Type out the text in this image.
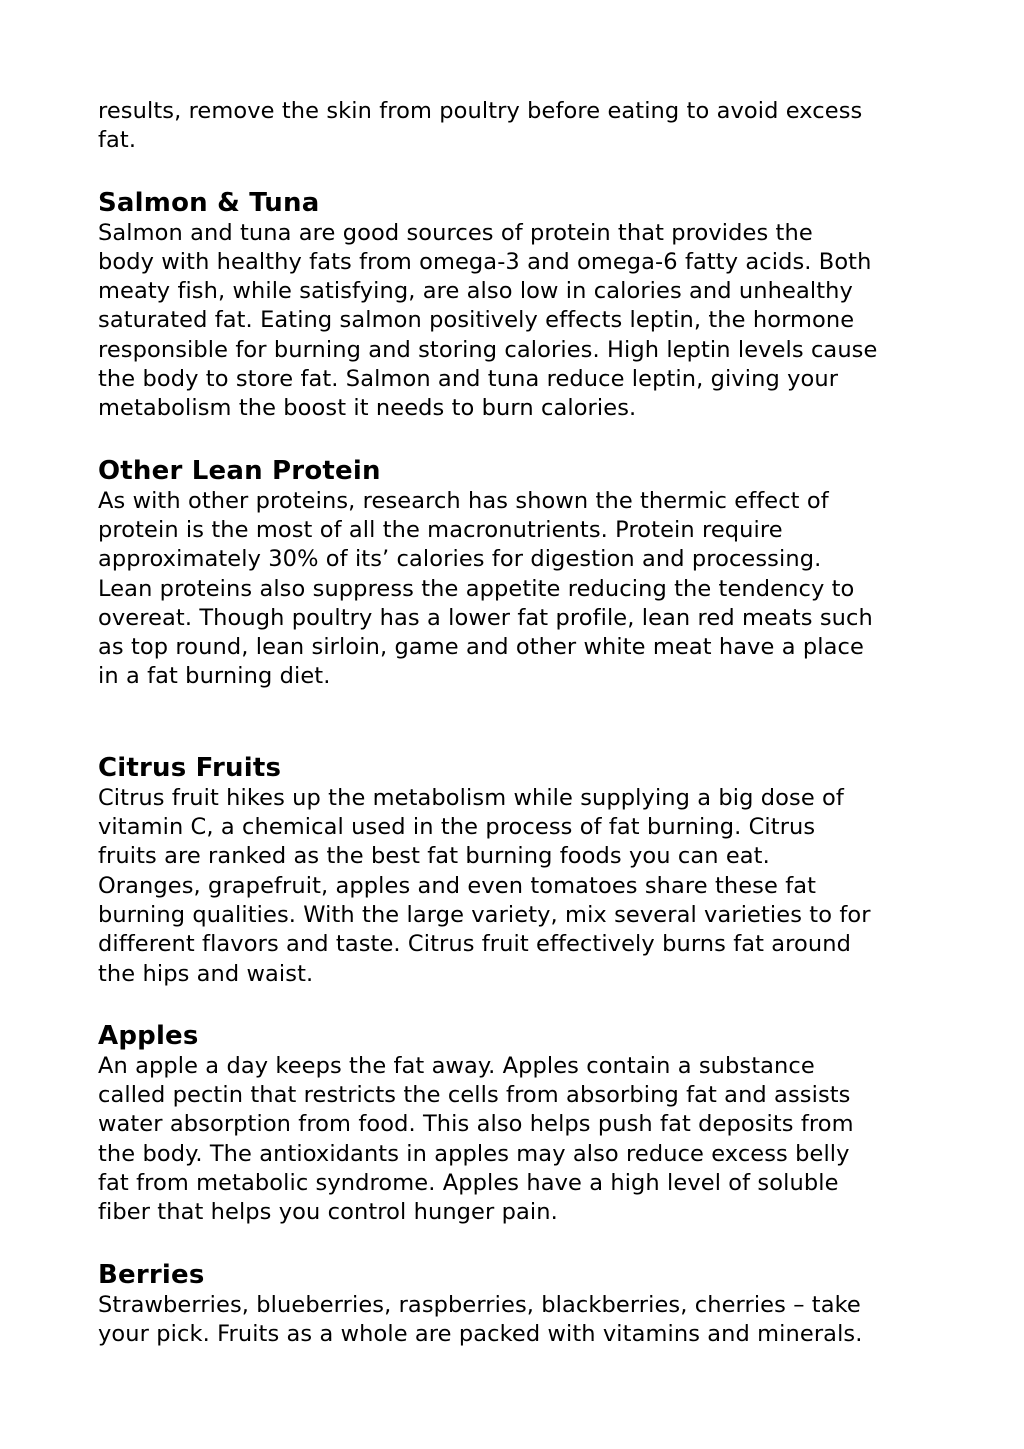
results, remove the skin from poultry before eating to avoid excess
fat.

Salmon & Tuna

Salmon and tuna are good sources of protein that provides the
body with healthy fats from omega-3 and omega-6 fatty acids. Both
meaty fish, while satisfying, are also low in calories and unhealthy
saturated fat. Eating salmon positively effects leptin, the hormone
responsible for burning and storing calories. High leptin levels cause
the body to store fat. Salmon and tuna reduce leptin, giving your
metabolism the boost it needs to burn calories.

Other Lean Protein

As with other proteins, research has shown the thermic effect of
protein is the most of all the macronutrients. Protein require
approximately 30% of its’ calories for digestion and processing.
Lean proteins also suppress the appetite reducing the tendency to
overeat. Though poultry has a lower fat profile, lean red meats such
as top round, lean sirloin, game and other white meat have a place
in a fat burning diet.

Citrus Fruits

Citrus fruit hikes up the metabolism while supplying a big dose of
vitamin C, a chemical used in the process of fat burning. Citrus
fruits are ranked as the best fat burning foods you can eat.
Oranges, grapefruit, apples and even tomatoes share these fat
burning qualities. With the large variety, mix several varieties to for
different flavors and taste. Citrus fruit effectively burns fat around
the hips and waist.

Apples

An apple a day keeps the fat away. Apples contain a substance
called pectin that restricts the cells from absorbing fat and assists
water absorption from food. This also helps push fat deposits from
the body. The antioxidants in apples may also reduce excess belly
fat from metabolic syndrome. Apples have a high level of soluble
fiber that helps you control hunger pain.

Berries

Strawberries, blueberries, raspberries, blackberries, cherries – take
your pick. Fruits as a whole are packed with vitamins and minerals.
